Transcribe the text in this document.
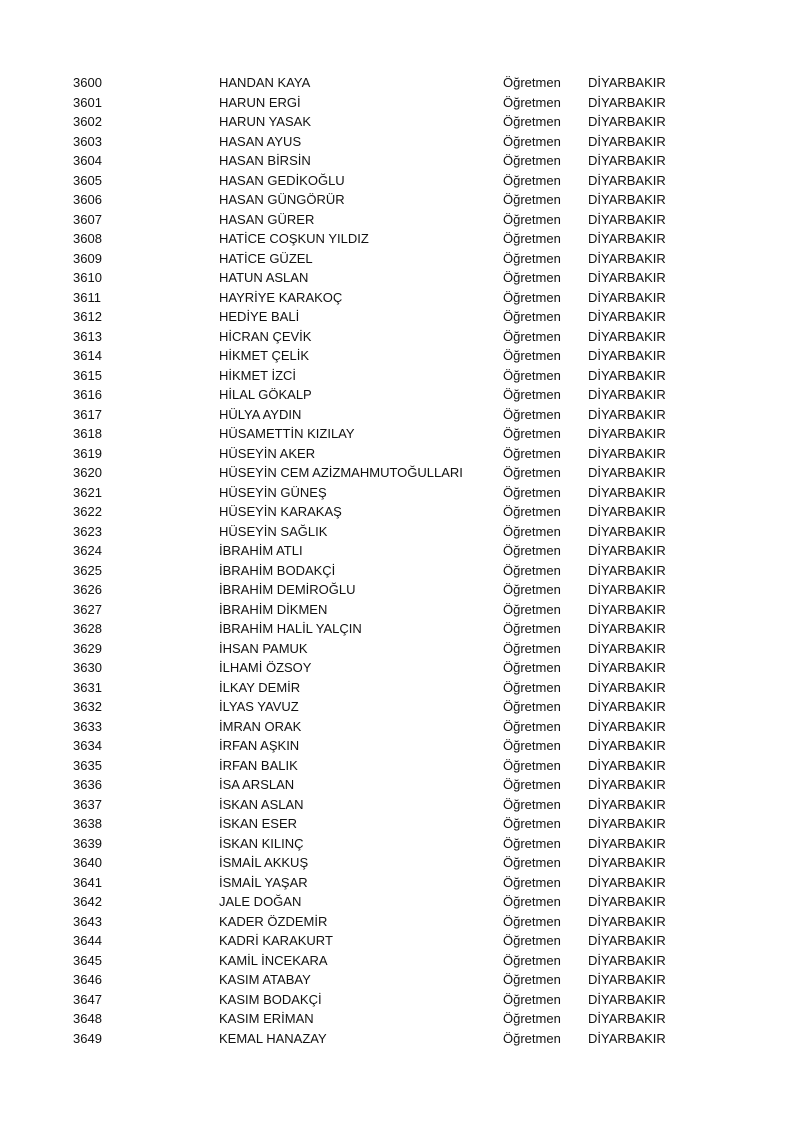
3600	HANDAN KAYA	Öğretmen DİYARBAKIR
3601	HARUN ERGİ	Öğretmen DİYARBAKIR
3602	HARUN YASAK	Öğretmen DİYARBAKIR
3603	HASAN AYUS	Öğretmen DİYARBAKIR
3604	HASAN BİRSİN	Öğretmen DİYARBAKIR
3605	HASAN GEDİKOĞLU	Öğretmen DİYARBAKIR
3606	HASAN GÜNGÖRÜR	Öğretmen DİYARBAKIR
3607	HASAN GÜRER	Öğretmen DİYARBAKIR
3608	HATİCE COŞKUN YILDIZ	Öğretmen DİYARBAKIR
3609	HATİCE GÜZEL	Öğretmen DİYARBAKIR
3610	HATUN ASLAN	Öğretmen DİYARBAKIR
3611	HAYRİYE KARAKOÇ	Öğretmen DİYARBAKIR
3612	HEDİYE BALİ	Öğretmen DİYARBAKIR
3613	HİCRAN ÇEVİK	Öğretmen DİYARBAKIR
3614	HİKMET ÇELİK	Öğretmen DİYARBAKIR
3615	HİKMET İZCİ	Öğretmen DİYARBAKIR
3616	HİLAL GÖKALP	Öğretmen DİYARBAKIR
3617	HÜLYA AYDIN	Öğretmen DİYARBAKIR
3618	HÜSAMETTİN KIZILAY	Öğretmen DİYARBAKIR
3619	HÜSEYİN AKER	Öğretmen DİYARBAKIR
3620	HÜSEYİN CEM AZİZMAHMUTOĞULLARI	Öğretmen DİYARBAKIR
3621	HÜSEYİN GÜNEŞ	Öğretmen DİYARBAKIR
3622	HÜSEYİN KARAKAŞ	Öğretmen DİYARBAKIR
3623	HÜSEYİN SAĞLIK	Öğretmen DİYARBAKIR
3624	İBRAHİM ATLI	Öğretmen DİYARBAKIR
3625	İBRAHİM BODAKÇİ	Öğretmen DİYARBAKIR
3626	İBRAHİM DEMİROĞLU	Öğretmen DİYARBAKIR
3627	İBRAHİM DİKMEN	Öğretmen DİYARBAKIR
3628	İBRAHİM HALİL YALÇIN	Öğretmen DİYARBAKIR
3629	İHSAN PAMUK	Öğretmen DİYARBAKIR
3630	İLHAMİ ÖZSOY	Öğretmen DİYARBAKIR
3631	İLKAY DEMİR	Öğretmen DİYARBAKIR
3632	İLYAS YAVUZ	Öğretmen DİYARBAKIR
3633	İMRAN ORAK	Öğretmen DİYARBAKIR
3634	İRFAN AŞKIN	Öğretmen DİYARBAKIR
3635	İRFAN BALIK	Öğretmen DİYARBAKIR
3636	İSA ARSLAN	Öğretmen DİYARBAKIR
3637	İSKAN ASLAN	Öğretmen DİYARBAKIR
3638	İSKAN ESER	Öğretmen DİYARBAKIR
3639	İSKAN KILINÇ	Öğretmen DİYARBAKIR
3640	İSMAİL AKKUŞ	Öğretmen DİYARBAKIR
3641	İSMAİL YAŞAR	Öğretmen DİYARBAKIR
3642	JALE DOĞAN	Öğretmen DİYARBAKIR
3643	KADER ÖZDEMİR	Öğretmen DİYARBAKIR
3644	KADRİ KARAKURT	Öğretmen DİYARBAKIR
3645	KAMİL İNCEKARA	Öğretmen DİYARBAKIR
3646	KASIM ATABAY	Öğretmen DİYARBAKIR
3647	KASIM BODAKÇİ	Öğretmen DİYARBAKIR
3648	KASIM ERİMAN	Öğretmen DİYARBAKIR
3649	KEMAL HANAZAY	Öğretmen DİYARBAKIR
